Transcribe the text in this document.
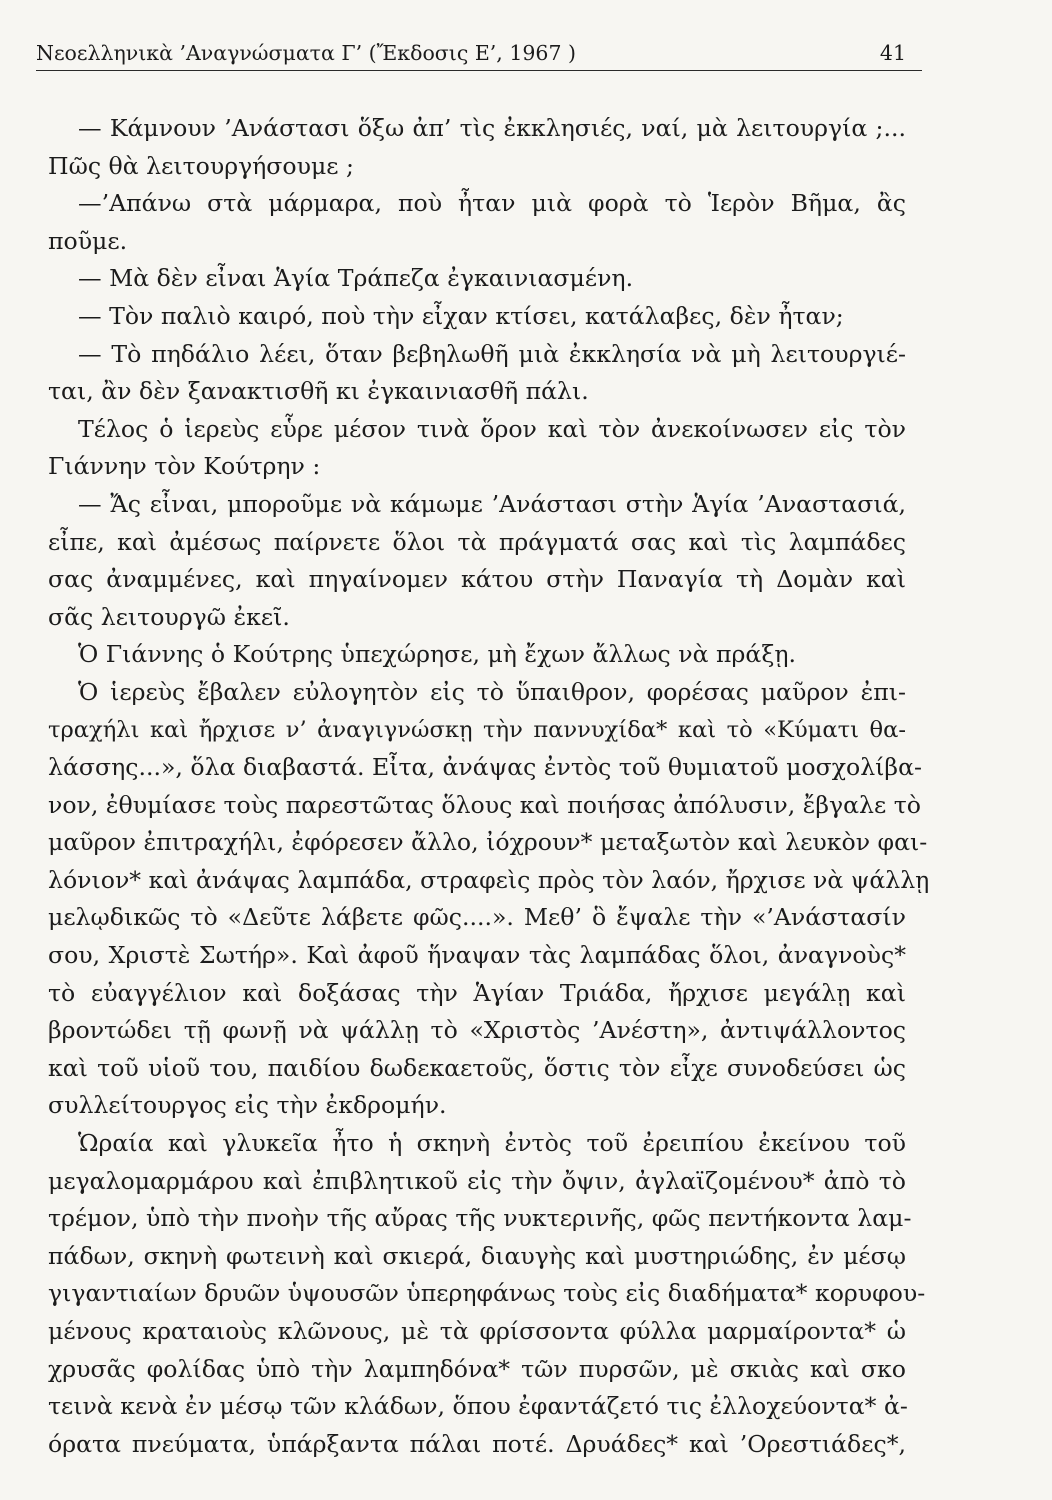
Νεοελληνικὰ ’Αναγνώσματα Γ’ (Ἔκδοσις Ε’, 1967 )	41
— Κάμνουν ’Ανάστασι ὅξω ἀπ’ τὶς ἐκκλησιές, ναί, μὰ λειτουργία ;...
Πῶς θὰ λειτουργήσουμε ;
—’Απάνω στὰ μάρμαρα, ποὺ ἦταν μιὰ φορὰ τὸ Ἱερὸν Βῆμα, ἂς
ποῦμε.
— Μὰ δὲν εἶναι Ἁγία Τράπεζα ἐγκαινιασμένη.
— Τὸν παλιὸ καιρό, ποὺ τὴν εἶχαν κτίσει, κατάλαβες, δὲν ἦταν;
— Τὸ πηδάλιο λέει, ὅταν βεβηλωθῆ μιὰ ἐκκλησία νὰ μὴ λειτουργιέ-
ται, ἂν δὲν ξανακτισθῆ κι ἐγκαινιασθῆ πάλι.
Τέλος ὁ ἱερεὺς εὗρε μέσον τινὰ ὅρον καὶ τὸν ἀνεκοίνωσεν εἰς τὸν
Γιάννην τὸν Κούτρην :
— Ἄς εἶναι, μποροῦμε νὰ κάμωμε ’Ανάστασι στὴν Ἁγία ’Αναστασιά,
εἶπε, καὶ ἀμέσως παίρνετε ὅλοι τὰ πράγματά σας καὶ τὶς λαμπάδες
σας ἀναμμένες, καὶ πηγαίνομεν κάτου στὴν Παναγία τὴ Δομὰν καὶ
σᾶς λειτουργῶ ἐκεῖ.
Ὁ Γιάννης ὁ Κούτρης ὑπεχώρησε, μὴ ἔχων ἄλλως νὰ πράξῃ.
Ὁ ἱερεὺς ἔβαλεν εὐλογητὸν εἰς τὸ ὕπαιθρον, φορέσας μαῦρον ἐπι-
τραχήλι καὶ ἤρχισε ν’ ἀναγιγνώσκῃ τὴν παννυχίδα* καὶ τὸ «Κύματι θα-
λάσσης...», ὅλα διαβαστά. Εἶτα, ἀνάψας ἐντὸς τοῦ θυμιατοῦ μοσχολίβα-
νον, ἐθυμίασε τοὺς παρεστῶτας ὅλους καὶ ποιήσας ἀπόλυσιν, ἔβγαλε τὸ
μαῦρον ἐπιτραχήλι, ἐφόρεσεν ἄλλο, ἰόχρουν* μεταξωτὸν καὶ λευκὸν φαι-
λόνιον* καὶ ἀνάψας λαμπάδα, στραφεὶς πρὸς τὸν λαόν, ἤρχισε νὰ ψάλλῃ
μελῳδικῶς τὸ «Δεῦτε λάβετε φῶς....». Μεθ’ ὃ ἔψαλε τὴν «’Ανάστασίν
σου, Χριστὲ Σωτήρ». Καὶ ἀφοῦ ἥναψαν τὰς λαμπάδας ὅλοι, ἀναγνοὺς*
τὸ εὐαγγέλιον καὶ δοξάσας τὴν Ἁγίαν Τριάδα, ἤρχισε μεγάλῃ καὶ
βροντώδει τῇ φωνῇ νὰ ψάλλῃ τὸ «Χριστὸς ’Ανέστη», ἀντιψάλλοντος
καὶ τοῦ υἱοῦ του, παιδίου δωδεκαετοῦς, ὅστις τὸν εἶχε συνοδεύσει ὡς
συλλείτουργος εἰς τὴν ἐκδρομήν.
Ὡραία καὶ γλυκεῖα ἦτο ἡ σκηνὴ ἐντὸς τοῦ ἐρειπίου ἐκείνου τοῦ
μεγαλομαρμάρου καὶ ἐπιβλητικοῦ εἰς τὴν ὄψιν, ἀγλαϊζομένου* ἀπὸ τὸ
τρέμον, ὑπὸ τὴν πνοὴν τῆς αὔρας τῆς νυκτερινῆς, φῶς πεντήκοντα λαμ-
πάδων, σκηνὴ φωτεινὴ καὶ σκιερά, διαυγὴς καὶ μυστηριώδης, ἐν μέσῳ
γιγαντιαίων δρυῶν ὑψουσῶν ὑπερηφάνως τοὺς εἰς διαδήματα* κορυφου-
μένους κραταιοὺς κλῶνους, μὲ τὰ φρίσσοντα φύλλα μαρμαίροντα* ὡ
χρυσᾶς φολίδας ὑπὸ τὴν λαμπηδόνα* τῶν πυρσῶν, μὲ σκιὰς καὶ σκο
τεινὰ κενὰ ἐν μέσῳ τῶν κλάδων, ὅπου ἐφαντάζετό τις ἐλλοχεύοντα* ἀ-
όρατα πνεύματα, ὑπάρξαντα πάλαι ποτέ. Δρυάδες* καὶ ’Ορεστιάδες*,
